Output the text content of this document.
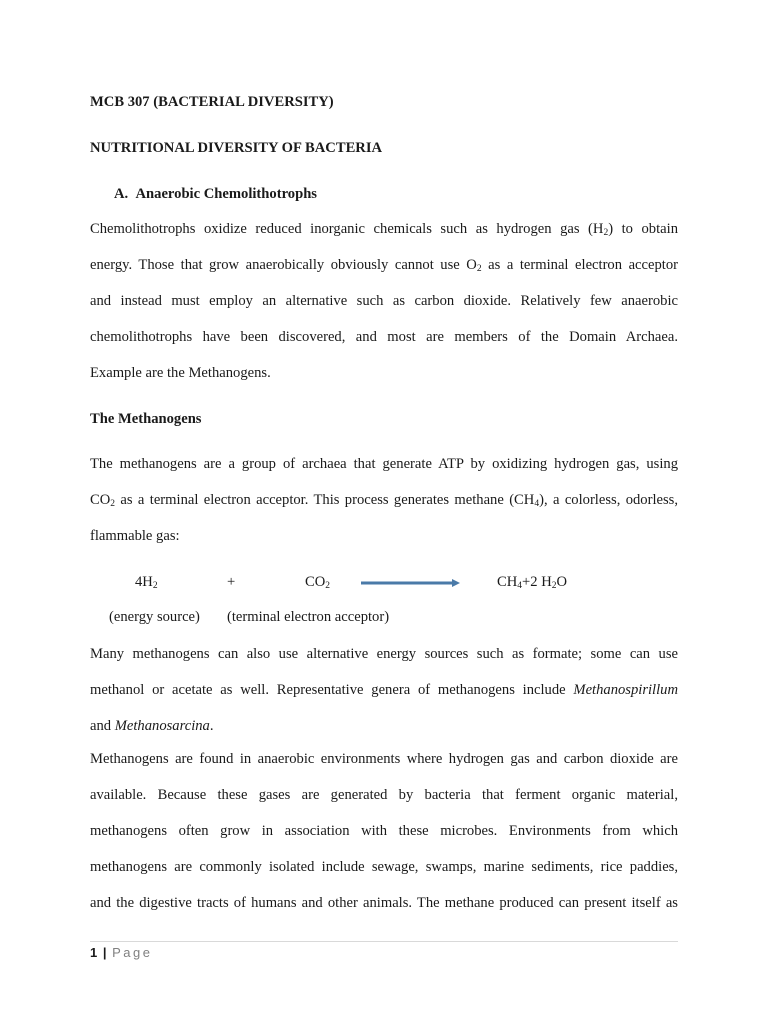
MCB 307 (BACTERIAL DIVERSITY)
NUTRITIONAL DIVERSITY OF BACTERIA
A. Anaerobic Chemolithotrophs
Chemolithotrophs oxidize reduced inorganic chemicals such as hydrogen gas $(H_2)$ to obtain
energy. Those that grow anaerobically obviously cannot use $O_2$ as a terminal electron acceptor
and instead must employ an alternative such as carbon dioxide. Relatively few anaerobic
chemolithotrophs have been discovered, and most are members of the Domain Archaea.
Example are the Methanogens.
The Methanogens
The methanogens are a group of archaea that generate ATP by oxidizing hydrogen gas, using
$CO_2$ as a terminal electron acceptor. This process generates methane $(CH_4)$, a colorless, odorless,
flammable gas:
$4H_2$	+	$CO_2$	$CH_4+2$ $H_2O$
(energy source) (terminal electron acceptor)
Many methanogens can also use alternative energy sources such as formate; some can use
methanol or acetate as well. Representative genera of methanogens include Methanospirillum
and Methanosarcina.
Methanogens are found in anaerobic environments where hydrogen gas and carbon dioxide are
available. Because these gases are generated by bacteria that ferment organic material,
methanogens often grow in association with these microbes. Environments from which
methanogens are commonly isolated include sewage, swamps, marine sediments, rice paddies,
and the digestive tracts of humans and other animals. The methane produced can present itself as
1 | Page
